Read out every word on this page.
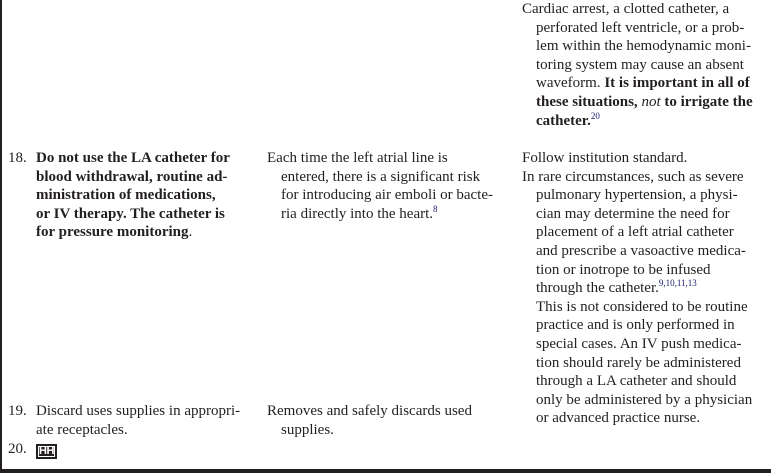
Cardiac arrest, a clotted catheter, a
perforated left ventricle, or a prob-
lem within the hemodynamic moni-
toring system may cause an absent
waveform. It is important in all of
these situations, not to irrigate the
catheter.$^{20}$
18. Do not use the LA catheter for
blood withdrawal, routine ad-
ministration of medications,
or IV therapy. The catheter is
for pressure monitoring.
Each time the left atrial line is
entered, there is a significant risk
for introducing air emboli or bacte-
ria directly into the heart.$^8$
Follow institution standard.
In rare circumstances, such as severe
pulmonary hypertension, a physi-
cian may determine the need for
placement of a left atrial catheter
and prescribe a vasoactive medica-
tion or inotrope to be infused
through the catheter.$^{9,10,11,13}$
This is not considered to be routine
practice and is only performed in
special cases. An IV push medica-
tion should rarely be administered
through a LA catheter and should
only be administered by a physician
or advanced practice nurse.
19. Discard uses supplies in appropri-
ate receptacles.
Removes and safely discards used
supplies.
20. HH
